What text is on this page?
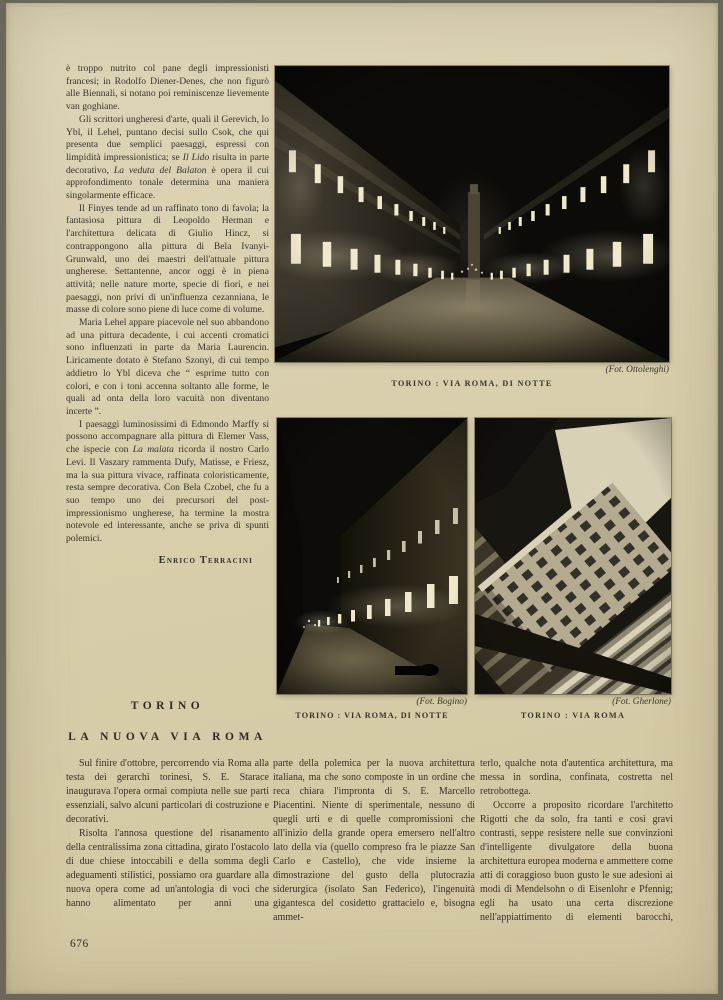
è troppo nutrito col pane degli impressionisti francesi; in Rodolfo Diener-Denes, che non figurò alle Biennali, si notano poi reminiscenze lievemente van goghiane.

Gli scrittori ungheresi d'arte, quali il Gerevich, lo Ybl, il Lehel, puntano decisi sullo Csok, che qui presenta due semplici paesaggi, espressi con limpidità impressionistica; se Il Lido risulta in parte decorativo, La veduta del Balaton è opera il cui approfondimento tonale determina una maniera singolarmente efficace.

Il Finyes tende ad un raffinato tono di favola; la fantasiosa pittura di Leopoldo Herman e l'architettura delicata di Giulio Hincz, si contrappongono alla pittura di Bela Ivanyi-Grunwald, uno dei maestri dell'attuale pittura ungherese. Settantenne, ancor oggi è in piena attività; nelle nature morte, specie di fiori, e nei paesaggi, non privi di un'influenza cezanniana, le masse di colore sono piene di luce come di volume.

Maria Lehel appare piacevole nel suo abbandono ad una pittura decadente, i cui accenti cromatici sono influenzati in parte da Maria Laurencin. Liricamente dotato è Stefano Szonyi, di cui tempo addietro lo Ybl diceva che “ esprime tutto con colori, e con i toni accenna soltanto alle forme, le quali ad onta della loro vacuità non diventano incerte ”.

I paesaggi luminosissimi di Edmondo Marffy si possono accompagnare alla pittura di Elemer Vass, che ispecie con La malata ricorda il nostro Carlo Levi. Il Vaszary rammenta Dufy, Matisse, e Friesz, ma la sua pittura vivace, raffinata coloristicamente, resta sempre decorativa. Con Bela Czobel, che fu a suo tempo uno dei precursori del post-impressionismo ungherese, ha termine la mostra notevole ed interessante, anche se priva di spunti polemici.

Enrico Terracini
(Fot. Ottolenghi)
TORINO : VIA ROMA, DI NOTTE
(Fot. Bogino)
TORINO : VIA ROMA, DI NOTTE
(Fot. Gherlone)
TORINO : VIA ROMA
TORINO
LA NUOVA VIA ROMA

Sul finire d'ottobre, percorrendo via Roma alla testa dei gerarchi torinesi, S. E. Starace inaugurava l'opera ormai compiuta nelle sue parti essenziali, salvo alcuni particolari di costruzione e decorativi.

Risolta l'annosa questione del risanamento della centralissima zona cittadina, girato l'ostacolo di due chiese intoccabili e della somma degli adeguamenti stilistici, possiamo ora guardare alla nuova opera come ad un'antologia di voci che hanno alimentato per anni una

parte della polemica per la nuova architettura italiana, ma che sono composte in un ordine che reca chiara l'impronta di S. E. Marcello Piacentini. Niente di sperimentale, nessuno di quegli urti e di quelle compromissioni che all'inizio della grande opera emersero nell'altro lato della via (quello compreso fra le piazze San Carlo e Castello), che vide insieme la dimostrazione del gusto della plutocrazia siderurgica (isolato San Federico), l'ingenuità gigantesca del cosidetto grattacielo e, bisogna ammet-

terlo, qualche nota d'autentica architettura, ma messa in sordina, confinata, costretta nel retrobottega.

Occorre a proposito ricordare l'architetto Rigotti che da solo, fra tanti e così gravi contrasti, seppe resistere nelle sue convinzioni d'intelligente divulgatore della buona architettura europea moderna e ammettere come atti di coraggioso buon gusto le sue adesioni ai modi di Mendelsohn o di Eisenlohr e Pfennig; egli ha usato una certa discrezione nell'appiattimento di elementi barocchi,

676
